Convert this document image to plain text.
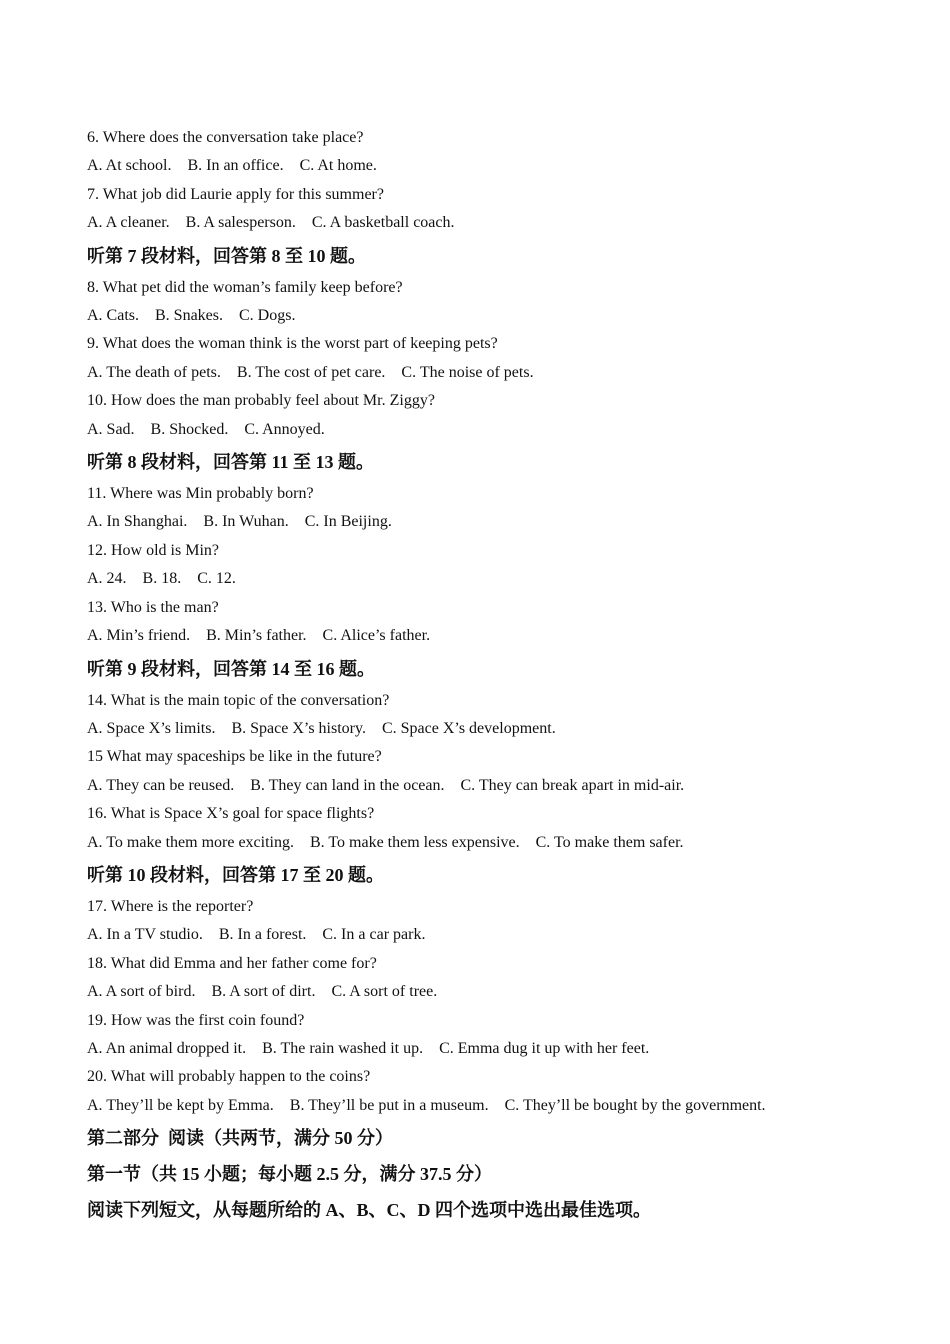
6. Where does the conversation take place?
A. At school.    B. In an office.    C. At home.
7. What job did Laurie apply for this summer?
A. A cleaner.    B. A salesperson.    C. A basketball coach.
听第 7 段材料，回答第 8 至 10 题。
8. What pet did the woman’s family keep before?
A. Cats.    B. Snakes.    C. Dogs.
9. What does the woman think is the worst part of keeping pets?
A. The death of pets.    B. The cost of pet care.    C. The noise of pets.
10. How does the man probably feel about Mr. Ziggy?
A. Sad.    B. Shocked.    C. Annoyed.
听第 8 段材料，回答第 11 至 13 题。
11. Where was Min probably born?
A. In Shanghai.    B. In Wuhan.    C. In Beijing.
12. How old is Min?
A. 24.    B. 18.    C. 12.
13. Who is the man?
A. Min’s friend.    B. Min’s father.    C. Alice’s father.
听第 9 段材料，回答第 14 至 16 题。
14. What is the main topic of the conversation?
A. Space X’s limits.    B. Space X’s history.    C. Space X’s development.
15 What may spaceships be like in the future?
A. They can be reused.    B. They can land in the ocean.    C. They can break apart in mid-air.
16. What is Space X’s goal for space flights?
A. To make them more exciting.    B. To make them less expensive.    C. To make them safer.
听第 10 段材料，回答第 17 至 20 题。
17. Where is the reporter?
A. In a TV studio.    B. In a forest.    C. In a car park.
18. What did Emma and her father come for?
A. A sort of bird.    B. A sort of dirt.    C. A sort of tree.
19. How was the first coin found?
A. An animal dropped it.    B. The rain washed it up.    C. Emma dug it up with her feet.
20. What will probably happen to the coins?
A. They’ll be kept by Emma.    B. They’ll be put in a museum.    C. They’ll be bought by the government.
第二部分  阅读（共两节，满分 50 分）
第一节（共 15 小题；每小题 2.5 分，满分 37.5 分）
阅读下列短文，从每题所给的 A、B、C、D 四个选项中选出最佳选项。
